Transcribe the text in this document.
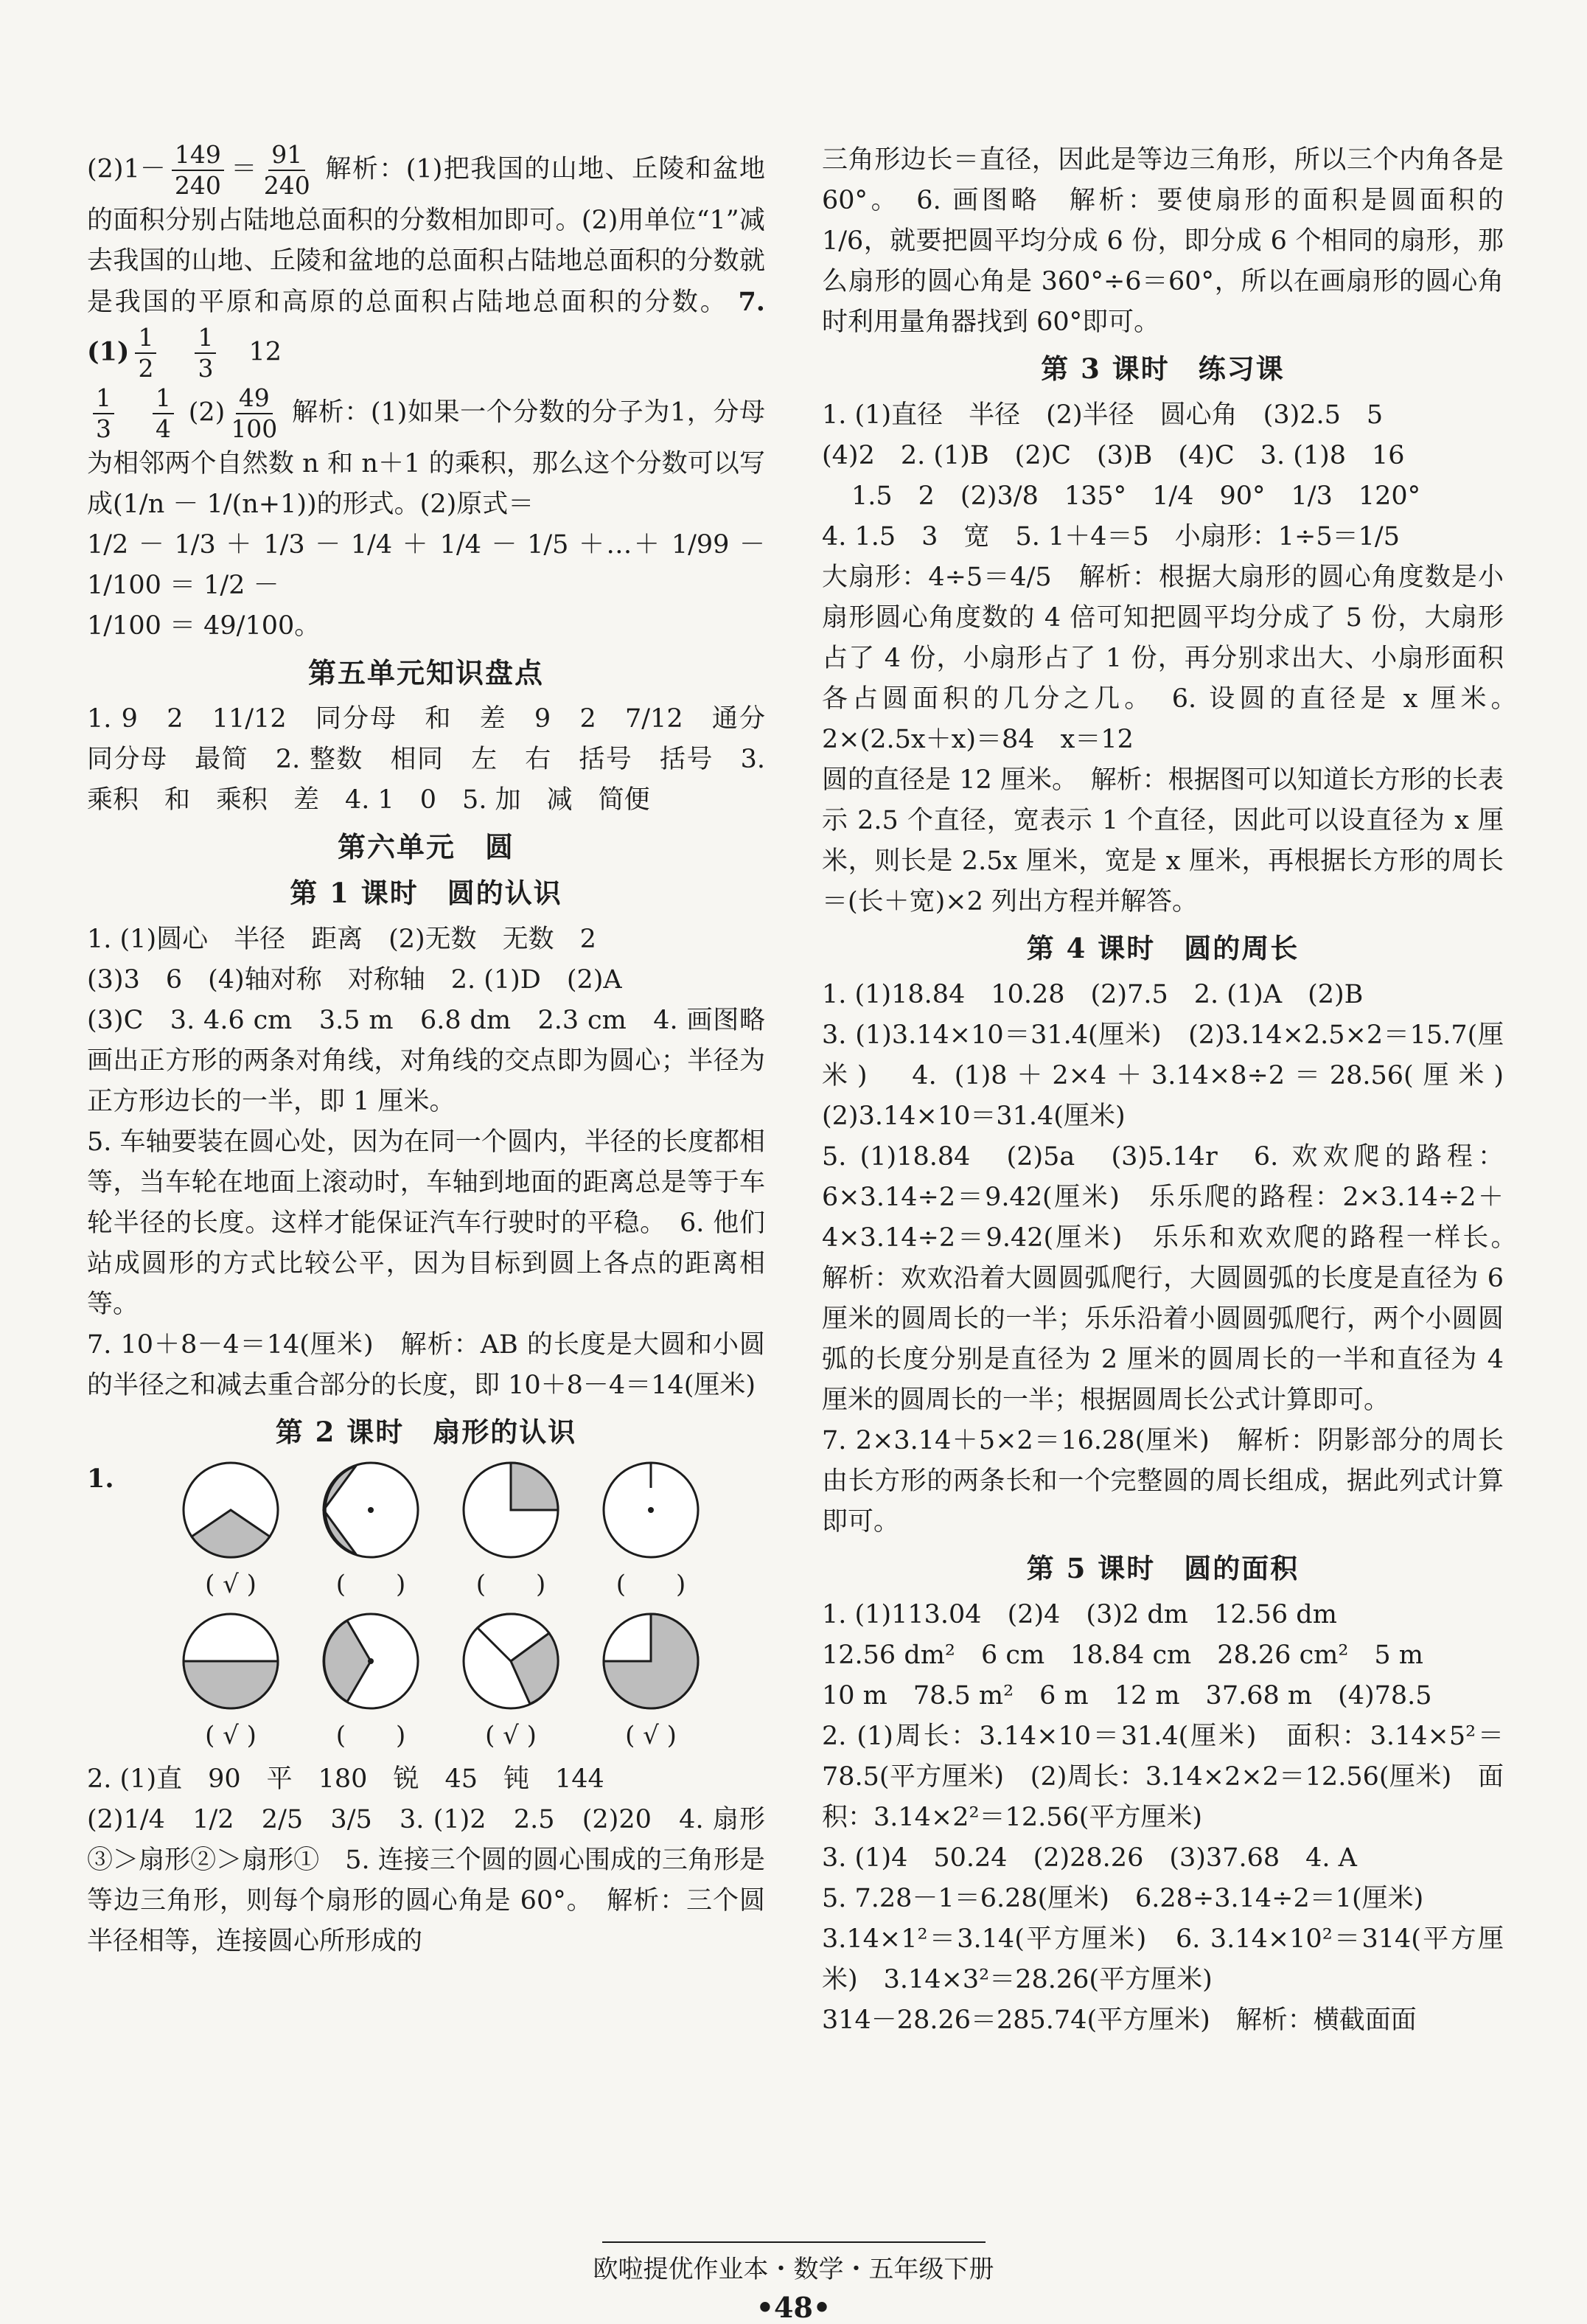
$(2)1- \frac{149}{240} = \frac{91}{240}$ 解析：(1)把我国的山地、丘陵和盆地的面积分别占陆地总面积的分数相加即可。(2)用单位“1”减去我国的山地、丘陵和盆地的总面积占陆地总面积的分数就是我国的平原和高原的总面积占陆地总面积的分数。 7. $(1) \frac{1}{2} \frac{1}{3} 12$

$\frac{1}{3} \frac{1}{4} (2) \frac{49}{100}$ 解析：(1)如果一个分数的分子为1，分母为相邻两个自然数 n 和 n＋1 的乘积，那么这个分数可以写成(1/n － 1/(n+1))的形式。(2)原式＝

1/2 － 1/3 ＋ 1/3 － 1/4 ＋ 1/4 － 1/5 ＋…＋ 1/99 － 1/100 ＝ 1/2 －

1/100 ＝ 49/100。

第五单元知识盘点

1. 9　2　11/12　同分母　和　差　9　2　7/12　通分　同分母　最简　2. 整数　相同　左　右　括号　括号　3. 乘积　和　乘积　差　4. 1　0　5. 加　减　简便

第六单元　圆
第 1 课时　圆的认识

1. (1)圆心　半径　距离　(2)无数　无数　2

(3)3　6　(4)轴对称　对称轴　2. (1)D　(2)A

(3)C　3. 4.6 cm　3.5 m　6.8 dm　2.3 cm　4. 画图略　画出正方形的两条对角线，对角线的交点即为圆心；半径为正方形边长的一半，即 1 厘米。

5. 车轴要装在圆心处，因为在同一个圆内，半径的长度都相等，当车轮在地面上滚动时，车轴到地面的距离总是等于车轮半径的长度。这样才能保证汽车行驶时的平稳。　6. 他们站成圆形的方式比较公平，因为目标到圆上各点的距离相等。

7. 10＋8－4＝14(厘米)　解析：AB 的长度是大圆和小圆的半径之和减去重合部分的长度，即 10＋8－4＝14(厘米)

第 2 课时　扇形的认识
1.
( √ )	(　　)	(　　)	(　　)
( √ )	(　　)	( √ )	( √ )

2. (1)直　90　平　180　锐　45　钝　144

(2)1/4　1/2　2/5　3/5　3. (1)2　2.5　(2)20　4. 扇形③＞扇形②＞扇形①　5. 连接三个圆的圆心围成的三角形是等边三角形，则每个扇形的圆心角是 60°。　解析：三个圆半径相等，连接圆心所形成的

三角形边长＝直径，因此是等边三角形，所以三个内角各是 60°。　6. 画图略　解析：要使扇形的面积是圆面积的 1/6，就要把圆平均分成 6 份，即分成 6 个相同的扇形，那么扇形的圆心角是 360°÷6＝60°，所以在画扇形的圆心角时利用量角器找到 60°即可。

第 3 课时　练习课

1. (1)直径　半径　(2)半径　圆心角　(3)2.5　5

(4)2　2. (1)B　(2)C　(3)B　(4)C　3. (1)8　16

1.5　2　(2)3/8　135°　1/4　90°　1/3　120°

4. 1.5　3　宽　5. 1＋4＝5　小扇形：1÷5＝1/5

大扇形：4÷5＝4/5　解析：根据大扇形的圆心角度数是小扇形圆心角度数的 4 倍可知把圆平均分成了 5 份，大扇形占了 4 份，小扇形占了 1 份，再分别求出大、小扇形面积各占圆面积的几分之几。　6. 设圆的直径是 x 厘米。　2×(2.5x＋x)＝84　x＝12

圆的直径是 12 厘米。　解析：根据图可以知道长方形的长表示 2.5 个直径，宽表示 1 个直径，因此可以设直径为 x 厘米，则长是 2.5x 厘米，宽是 x 厘米，再根据长方形的周长＝(长＋宽)×2 列出方程并解答。

第 4 课时　圆的周长

1. (1)18.84　10.28　(2)7.5　2. (1)A　(2)B

3. (1)3.14×10＝31.4(厘米)　(2)3.14×2.5×2＝15.7(厘米)　4. (1)8＋2×4＋3.14×8÷2＝28.56(厘米)　(2)3.14×10＝31.4(厘米)

5. (1)18.84　(2)5a　(3)5.14r　6. 欢欢爬的路程：6×3.14÷2＝9.42(厘米)　乐乐爬的路程：2×3.14÷2＋4×3.14÷2＝9.42(厘米)　乐乐和欢欢爬的路程一样长。　解析：欢欢沿着大圆圆弧爬行，大圆圆弧的长度是直径为 6 厘米的圆周长的一半；乐乐沿着小圆圆弧爬行，两个小圆圆弧的长度分别是直径为 2 厘米的圆周长的一半和直径为 4 厘米的圆周长的一半；根据圆周长公式计算即可。

7. 2×3.14＋5×2＝16.28(厘米)　解析：阴影部分的周长由长方形的两条长和一个完整圆的周长组成，据此列式计算即可。

第 5 课时　圆的面积

1. (1)113.04　(2)4　(3)2 dm　12.56 dm

12.56 dm²　6 cm　18.84 cm　28.26 cm²　5 m

10 m　78.5 m²　6 m　12 m　37.68 m　(4)78.5

2. (1)周长：3.14×10＝31.4(厘米)　面积：3.14×5²＝78.5(平方厘米)　(2)周长：3.14×2×2＝12.56(厘米)　面积：3.14×2²＝12.56(平方厘米)

3. (1)4　50.24　(2)28.26　(3)37.68　4. A

5. 7.28－1＝6.28(厘米)　6.28÷3.14÷2＝1(厘米)

3.14×1²＝3.14(平方厘米)　6. 3.14×10²＝314(平方厘米)　3.14×3²＝28.26(平方厘米)

314－28.26＝285.74(平方厘米)　解析：横截面面

欧啦提优作业本・数学・五年级下册
•48•
